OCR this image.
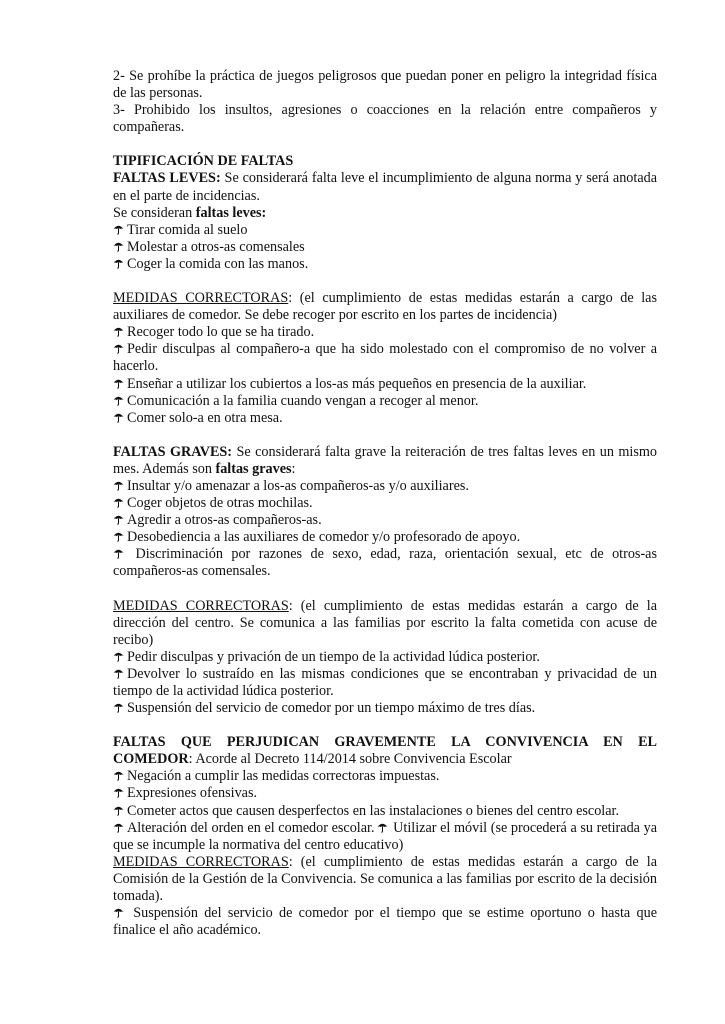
2- Se prohíbe la práctica de juegos peligrosos que puedan poner en peligro la integridad física de las personas.

3- Prohibido los insultos, agresiones o coacciones en la relación entre compañeros y compañeras.

TIPIFICACIÓN DE FALTAS

FALTAS LEVES: Se considerará falta leve el incumplimiento de alguna norma y será anotada en el parte de incidencias.

Se consideran faltas leves:

Tirar comida al suelo

Molestar a otros-as comensales

Coger la comida con las manos.

MEDIDAS CORRECTORAS: (el cumplimiento de estas medidas estarán a cargo de las auxiliares de comedor. Se debe recoger por escrito en los partes de incidencia)

Recoger todo lo que se ha tirado.

Pedir disculpas al compañero-a que ha sido molestado con el compromiso de no volver a hacerlo.

Enseñar a utilizar los cubiertos a los-as más pequeños en presencia de la auxiliar.

Comunicación a la familia cuando vengan a recoger al menor.

Comer solo-a en otra mesa.

FALTAS GRAVES: Se considerará falta grave la reiteración de tres faltas leves en un mismo mes. Además son faltas graves:

Insultar y/o amenazar a los-as compañeros-as y/o auxiliares.

Coger objetos de otras mochilas.

Agredir a otros-as compañeros-as.

Desobediencia a las auxiliares de comedor y/o profesorado de apoyo.

Discriminación por razones de sexo, edad, raza, orientación sexual, etc de otros-as compañeros-as comensales.

MEDIDAS CORRECTORAS: (el cumplimiento de estas medidas estarán a cargo de la dirección del centro. Se comunica a las familias por escrito la falta cometida con acuse de recibo)

Pedir disculpas y privación de un tiempo de la actividad lúdica posterior.

Devolver lo sustraído en las mismas condiciones que se encontraban y privacidad de un tiempo de la actividad lúdica posterior.

Suspensión del servicio de comedor por un tiempo máximo de tres días.

FALTAS QUE PERJUDICAN GRAVEMENTE LA CONVIVENCIA EN EL COMEDOR: Acorde al Decreto 114/2014 sobre Convivencia Escolar

Negación a cumplir las medidas correctoras impuestas.

Expresiones ofensivas.

Cometer actos que causen desperfectos en las instalaciones o bienes del centro escolar.

Alteración del orden en el comedor escolar. Utilizar el móvil (se procederá a su retirada ya que se incumple la normativa del centro educativo)

MEDIDAS CORRECTORAS: (el cumplimiento de estas medidas estarán a cargo de la Comisión de la Gestión de la Convivencia. Se comunica a las familias por escrito de la decisión tomada).

Suspensión del servicio de comedor por el tiempo que se estime oportuno o hasta que finalice el año académico.
